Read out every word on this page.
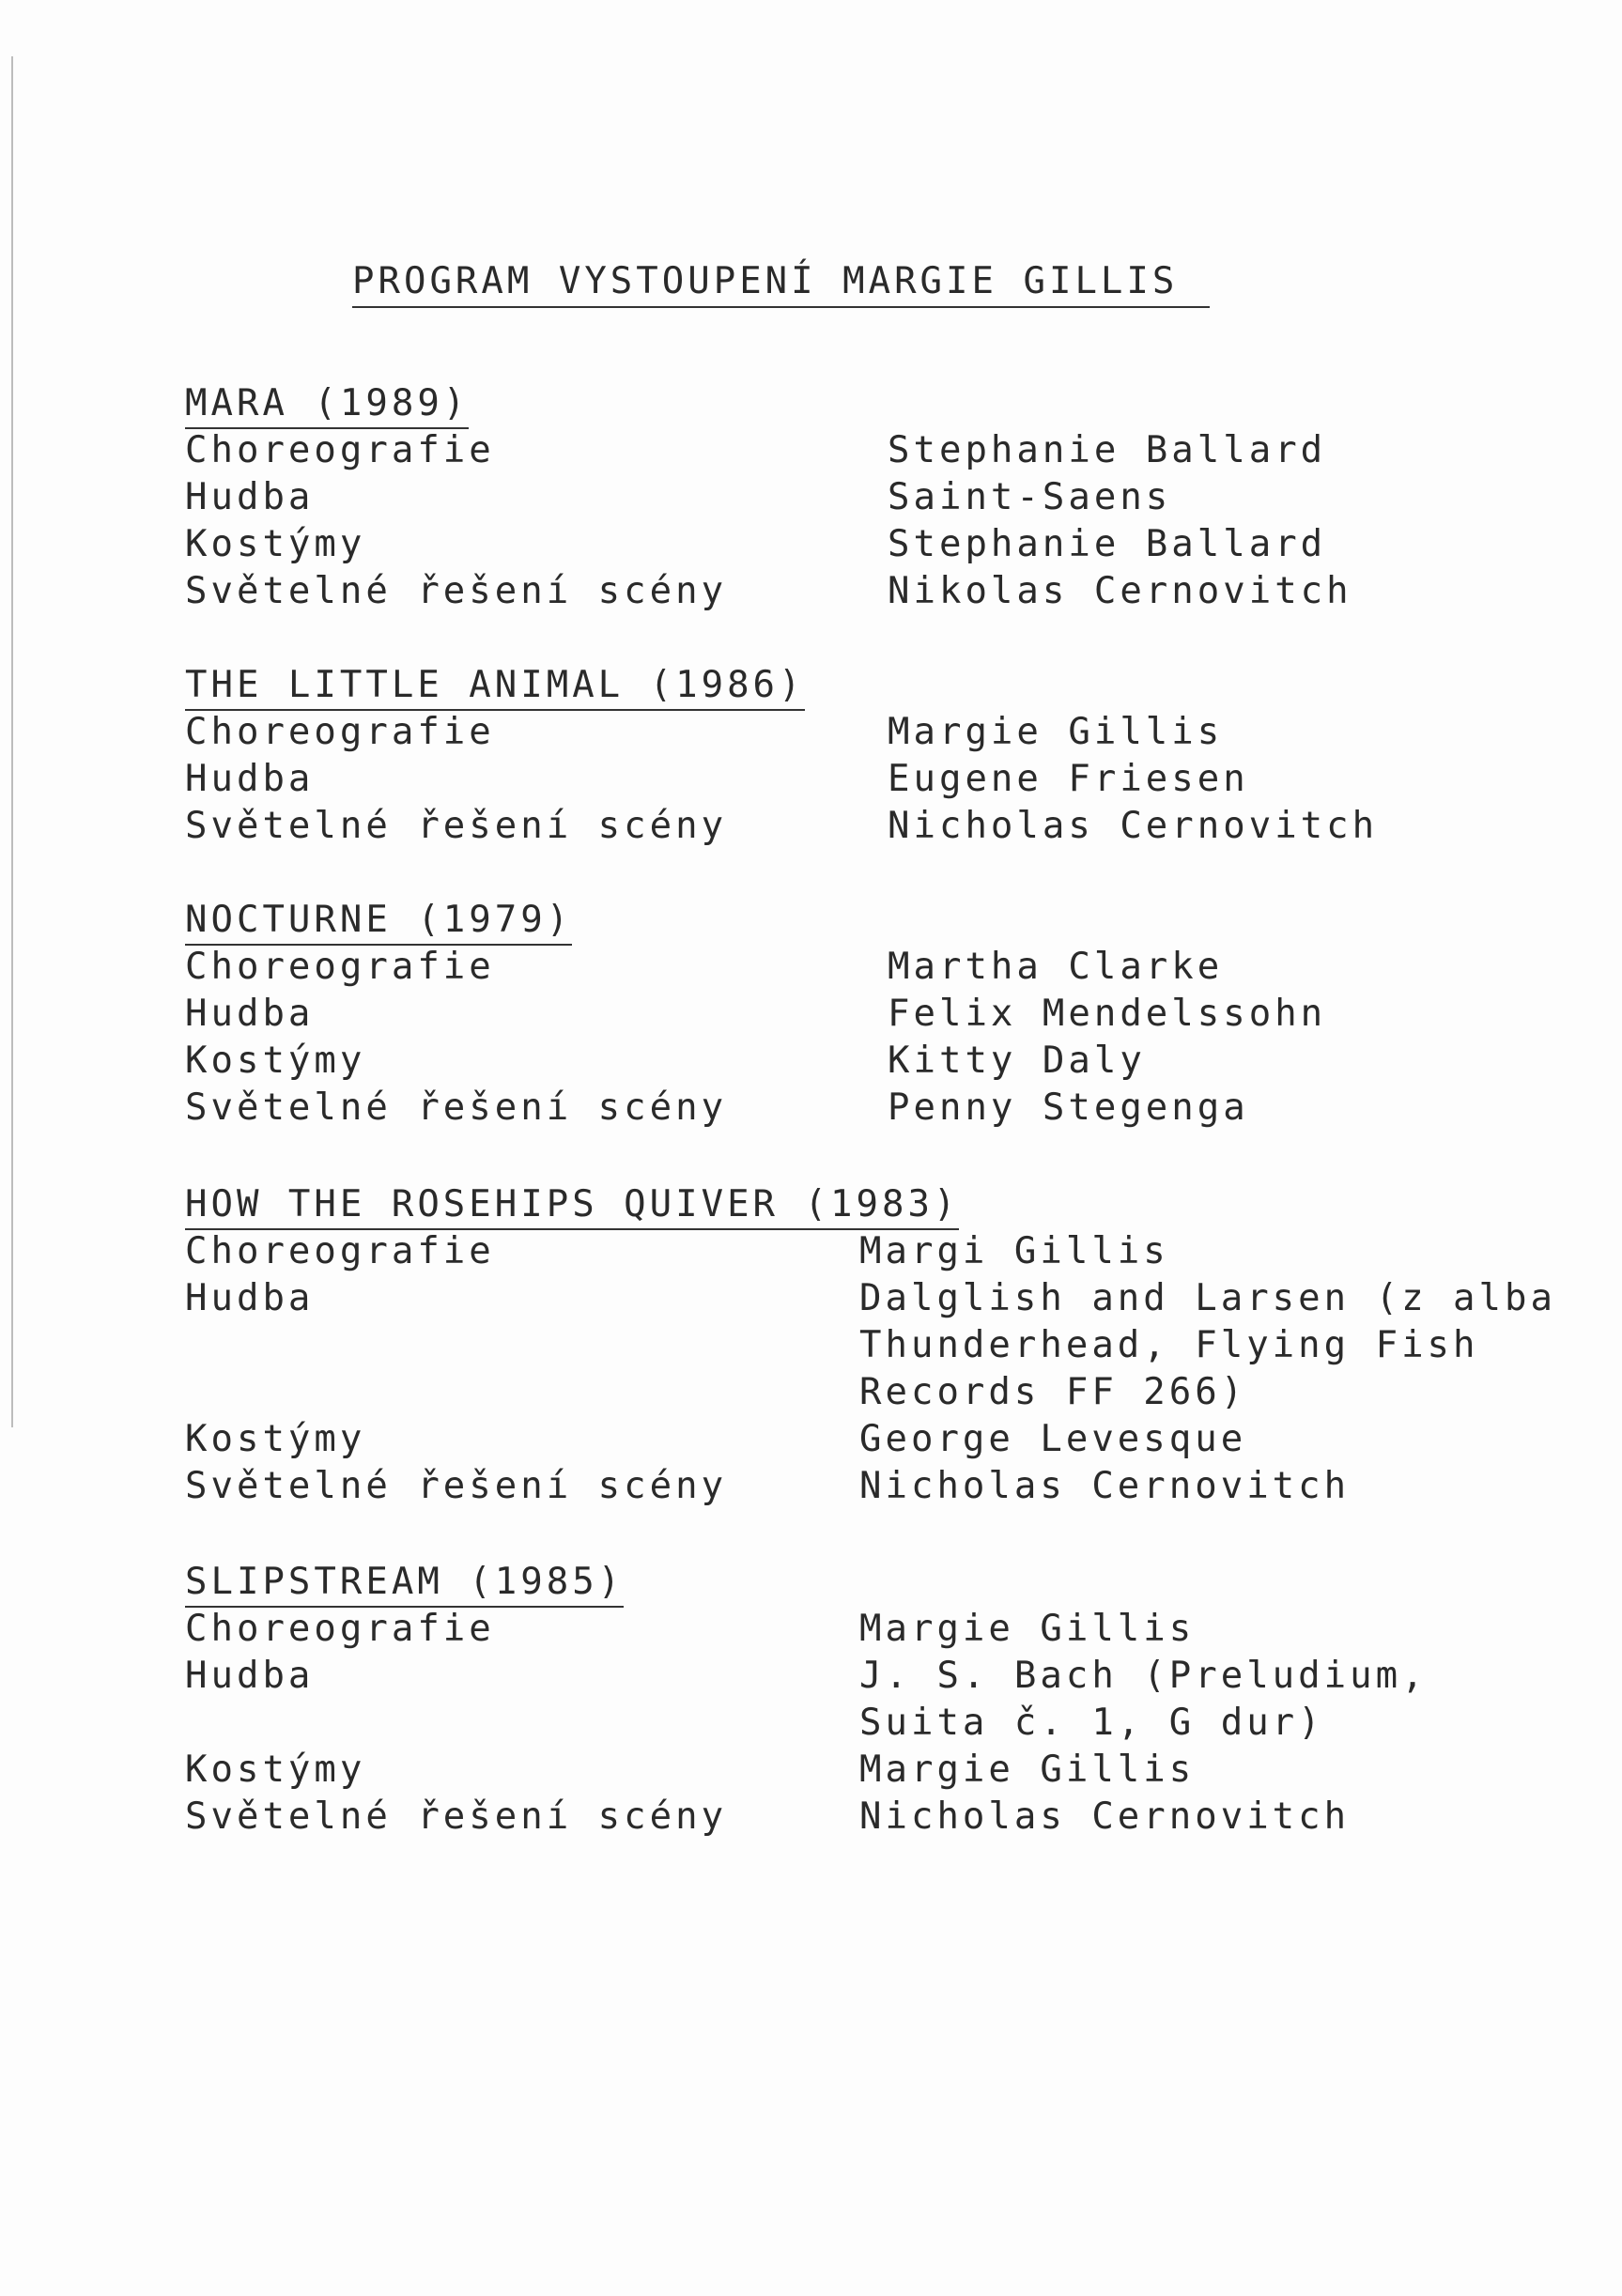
PROGRAM VYSTOUPENÍ MARGIE GILLIS
MARA (1989)
Choreografie	Stephanie Ballard
Hudba	Saint-Saens
Kostýmy	Stephanie Ballard
Světelné řešení scény	Nikolas Cernovitch
THE LITTLE ANIMAL (1986)
Choreografie	Margie Gillis
Hudba	Eugene Friesen
Světelné řešení scény	Nicholas Cernovitch
NOCTURNE (1979)
Choreografie	Martha Clarke
Hudba	Felix Mendelssohn
Kostýmy	Kitty Daly
Světelné řešení scény	Penny Stegenga
HOW THE ROSEHIPS QUIVER (1983)
Choreografie	Margi Gillis
Hudba	Dalglish and Larsen (z alba
Thunderhead, Flying Fish
Records FF 266)
Kostýmy	George Levesque
Světelné řešení scény	Nicholas Cernovitch
SLIPSTREAM (1985)
Choreografie	Margie Gillis
Hudba	J. S. Bach (Preludium,
Suita č. 1, G dur)
Kostýmy	Margie Gillis
Světelné řešení scény	Nicholas Cernovitch
